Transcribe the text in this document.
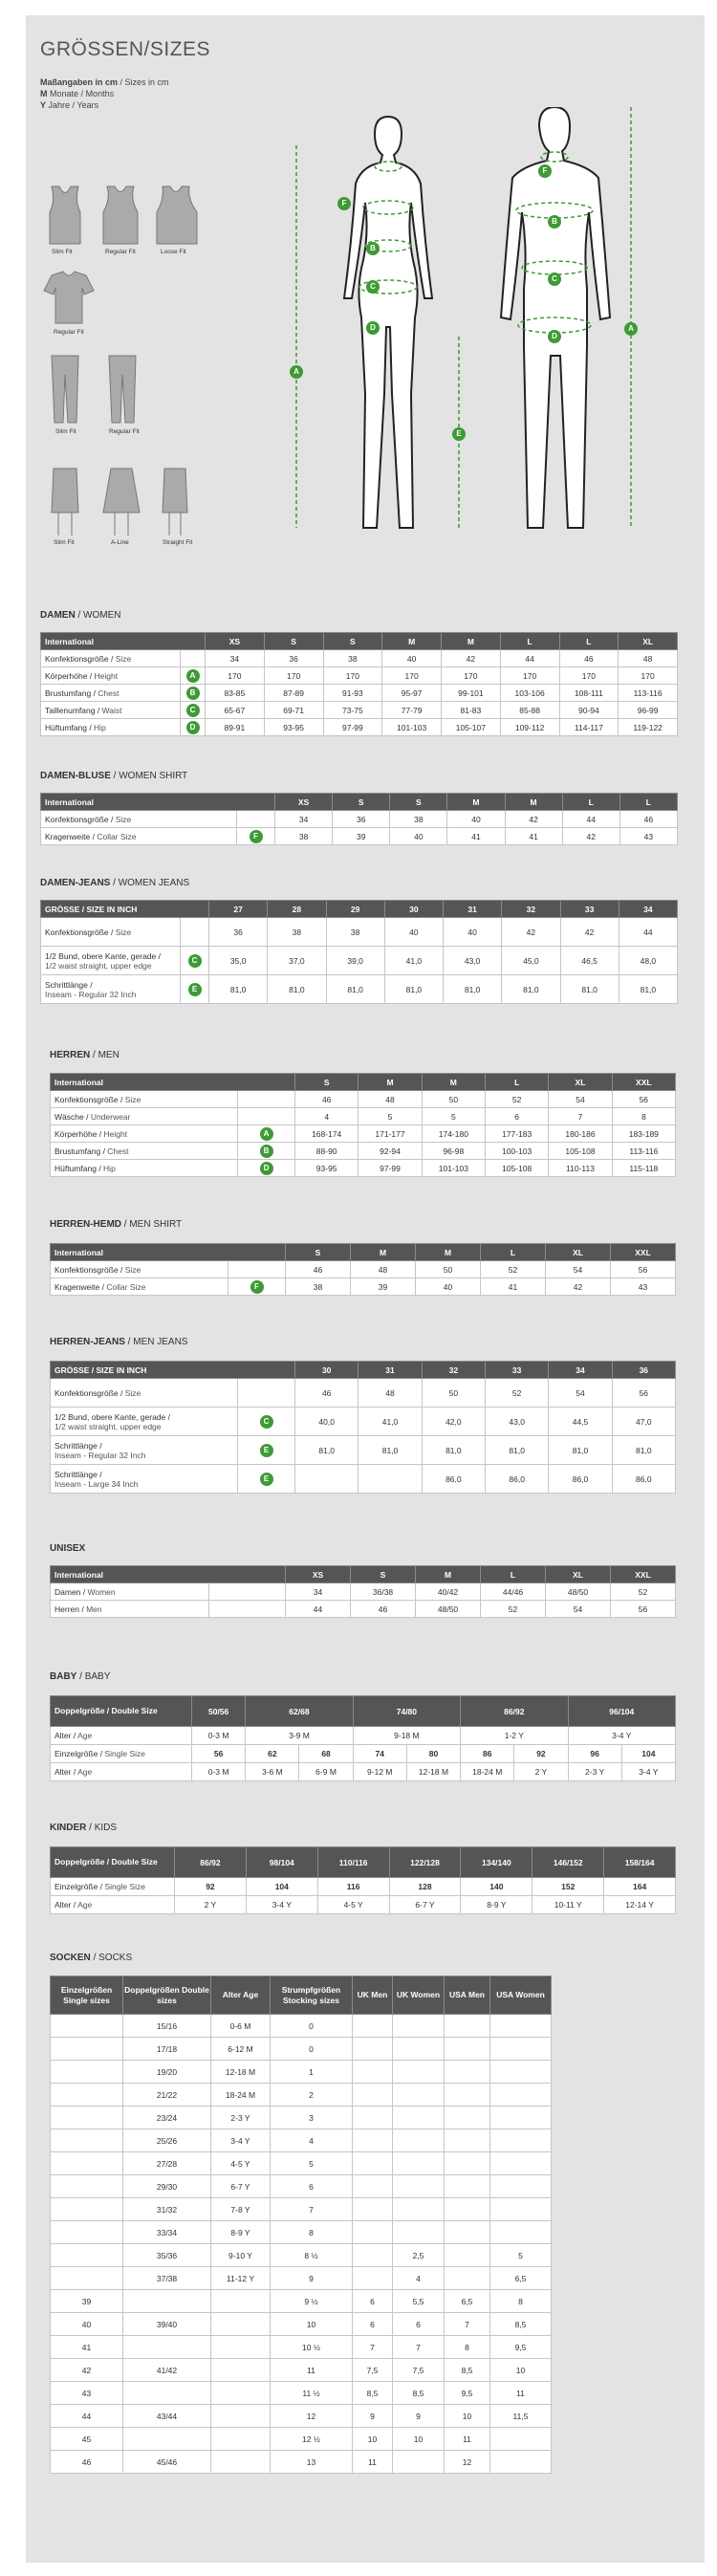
GRÖSSEN/SIZES
Maßangaben in cm / Sizes in cm
M Monate / Months
Y Jahre / Years
Slim Fit	Regular Fit	Loose Fit
Regular Fit
Slim Fit	Regular Fit
Slim Fit	A-Line	Straight Fit
F
B
C
D
A
E
F
B
C
D
A
DAMEN / WOMEN
International		XS	S	S	M	M	L	L	XL
Konfektionsgröße / Size		34	36	38	40	42	44	46	48
Körperhöhe / Height	A	170	170	170	170	170	170	170	170
Brustumfang / Chest	B	83-85	87-89	91-93	95-97	99-101	103-106	108-111	113-116
Taillenumfang / Waist	C	65-67	69-71	73-75	77-79	81-83	85-88	90-94	96-99
Hüftumfang / Hip	D	89-91	93-95	97-99	101-103	105-107	109-112	114-117	119-122
DAMEN-BLUSE / WOMEN SHIRT
International		XS	S	S	M	M	L	L
Konfektionsgröße / Size		34	36	38	40	42	44	46
Kragenweite / Collar Size	F	38	39	40	41	41	42	43
DAMEN-JEANS / WOMEN JEANS
GRÖSSE / SIZE IN INCH		27	28	29	30	31	32	33	34
Konfektionsgröße / Size		36	38	38	40	40	42	42	44
1/2 Bund, obere Kante, gerade /
1/2 waist straight, upper edge	C	35,0	37,0	39,0	41,0	43,0	45,0	46,5	48,0
Schrittlänge /
Inseam - Regular 32 Inch	E	81,0	81,0	81,0	81,0	81,0	81,0	81,0	81,0
HERREN / MEN
International		S	M	M	L	XL	XXL
Konfektionsgröße / Size		46	48	50	52	54	56
Wäsche / Underwear		4	5	5	6	7	8
Körperhöhe / Height	A	168-174	171-177	174-180	177-183	180-186	183-189
Brustumfang / Chest	B	88-90	92-94	96-98	100-103	105-108	113-116
Hüftumfang / Hip	D	93-95	97-99	101-103	105-108	110-113	115-118
HERREN-HEMD / MEN SHIRT
International		S	M	M	L	XL	XXL
Konfektionsgröße / Size		46	48	50	52	54	56
Kragenweite / Collar Size	F	38	39	40	41	42	43
HERREN-JEANS / MEN JEANS
GRÖSSE / SIZE IN INCH		30	31	32	33	34	36
Konfektionsgröße / Size		46	48	50	52	54	56
1/2 Bund, obere Kante, gerade /
1/2 waist straight, upper edge	C	40,0	41,0	42,0	43,0	44,5	47,0
Schrittlänge /
Inseam - Regular 32 Inch	E	81,0	81,0	81,0	81,0	81,0	81,0
Schrittlänge /
Inseam - Large 34 Inch	E			86,0	86,0	86,0	86,0
UNISEX
International		XS	S	M	L	XL	XXL
Damen / Women		34	36/38	40/42	44/46	48/50	52
Herren / Men		44	46	48/50	52	54	56
BABY / BABY
Doppelgröße / Double Size	50/56	62/68		74/80		86/92		96/104	
Alter / Age	0-3 M	3-9 M		9-18 M		1-2 Y		3-4 Y	
Einzelgröße / Single Size	56	62	68	74	80	86	92	96	104
Alter / Age	0-3 M	3-6 M	6-9 M	9-12 M	12-18 M	18-24 M	2 Y	2-3 Y	3-4 Y
KINDER / KIDS
Doppelgröße / Double Size	86/92	98/104	110/116	122/128	134/140	146/152	158/164
Einzelgröße / Single Size	92	104	116	128	140	152	164
Alter / Age	2 Y	3-4 Y	4-5 Y	6-7 Y	8-9 Y	10-11 Y	12-14 Y
SOCKEN / SOCKS
Einzelgrößen Single sizes	Doppelgrößen Double sizes	Alter Age	Strumpfgrößen Stocking sizes	UK Men	UK Women	USA Men	USA Women
	15/16	0-6 M	0				
	17/18	6-12 M	0				
	19/20	12-18 M	1				
	21/22	18-24 M	2				
	23/24	2-3 Y	3				
	25/26	3-4 Y	4				
	27/28	4-5 Y	5				
	29/30	6-7 Y	6				
	31/32	7-8 Y	7				
	33/34	8-9 Y	8				
	35/36	9-10 Y	8 ½		2,5		5
	37/38	11-12 Y	9		4		6,5
39			9 ½	6	5,5	6,5	8
40	39/40		10	6	6	7	8,5
41			10 ½	7	7	8	9,5
42	41/42		11	7,5	7,5	8,5	10
43			11 ½	8,5	8,5	9,5	11
44	43/44		12	9	9	10	11,5
45			12 ½	10	10	11	
46	45/46		13	11		12	
